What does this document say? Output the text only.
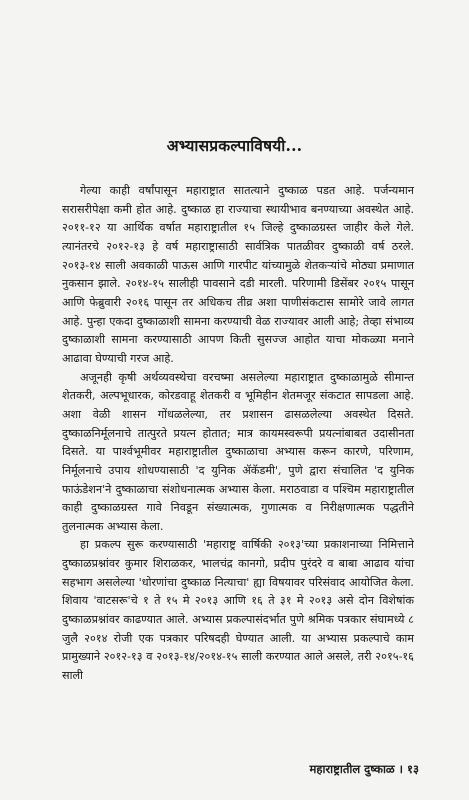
अभ्यासप्रकल्पाविषयी...

गेल्या काही वर्षांपासून महाराष्ट्रात सातत्याने दुष्काळ पडत आहे. पर्जन्यमान सरासरीपेक्षा कमी होत आहे. दुष्काळ हा राज्याचा स्थायीभाव बनण्याच्या अवस्थेत आहे. २०११-१२ या आर्थिक वर्षात महाराष्ट्रातील १५ जिल्हे दुष्काळग्रस्त जाहीर केले गेले. त्यानंतरचे २०१२-१३ हे वर्ष महाराष्ट्रासाठी सार्वत्रिक पातळीवर दुष्काळी वर्ष ठरले. २०१३-१४ साली अवकाळी पाऊस आणि गारपीट यांच्यामुळे शेतकऱ्यांचे मोठ्या प्रमाणात नुकसान झाले. २०१४-१५ सालीही पावसाने दडी मारली. परिणामी डिसेंबर २०१५ पासून आणि फेब्रुवारी २०१६ पासून तर अधिकच तीव्र अशा पाणीसंकटास सामोरे जावे लागत आहे. पुन्हा एकदा दुष्काळाशी सामना करण्याची वेळ राज्यावर आली आहे; तेव्हा संभाव्य दुष्काळाशी सामना करण्यासाठी आपण किती सुसज्ज आहोत याचा मोकळ्या मनाने आढावा घेण्याची गरज आहे.

अजूनही कृषी अर्थव्यवस्थेचा वरचष्मा असलेल्या महाराष्ट्रात दुष्काळामुळे सीमान्त शेतकरी, अल्पभूधारक, कोरडवाहू शेतकरी व भूमिहीन शेतमजूर संकटात सापडला आहे. अशा वेळी शासन गोंधळलेल्या, तर प्रशासन ढासळलेल्या अवस्थेत दिसते. दुष्काळनिर्मूलनाचे तात्पुरते प्रयत्न होतात; मात्र कायमस्वरूपी प्रयत्नांबाबत उदासीनता दिसते. या पार्श्वभूमीवर महाराष्ट्रातील दुष्काळाचा अभ्यास करून कारणे, परिणाम, निर्मूलनाचे उपाय शोधण्यासाठी 'द युनिक ॲकॅडमी', पुणे द्वारा संचालित 'द युनिक फाऊंडेशन'ने दुष्काळाचा संशोधनात्मक अभ्यास केला. मराठवाडा व पश्चिम महाराष्ट्रातील काही दुष्काळग्रस्त गावे निवडून संख्यात्मक, गुणात्मक व निरीक्षणात्मक पद्धतीने तुलनात्मक अभ्यास केला.

हा प्रकल्प सुरू करण्यासाठी 'महाराष्ट्र वार्षिकी २०१३'च्या प्रकाशनाच्या निमित्ताने दुष्काळप्रश्नांवर कुमार शिराळकर, भालचंद्र कानगो, प्रदीप पुरंदरे व बाबा आढाव यांचा सहभाग असलेल्या 'धोरणांचा दुष्काळ नित्याचा' ह्या विषयावर परिसंवाद आयोजित केला. शिवाय 'वाटसरू'चे १ ते १५ मे २०१३ आणि १६ ते ३१ मे २०१३ असे दोन विशेषांक दुष्काळप्रश्नांवर काढण्यात आले. अभ्यास प्रकल्पासंदर्भात पुणे श्रमिक पत्रकार संघामध्ये ८ जुलै २०१४ रोजी एक पत्रकार परिषदही घेण्यात आली. या अभ्यास प्रकल्पाचे काम प्रामुख्याने २०१२-१३ व २०१३-१४/२०१४-१५ साली करण्यात आले असले, तरी २०१५-१६ साली

महाराष्ट्रातील दुष्काळ । १३
